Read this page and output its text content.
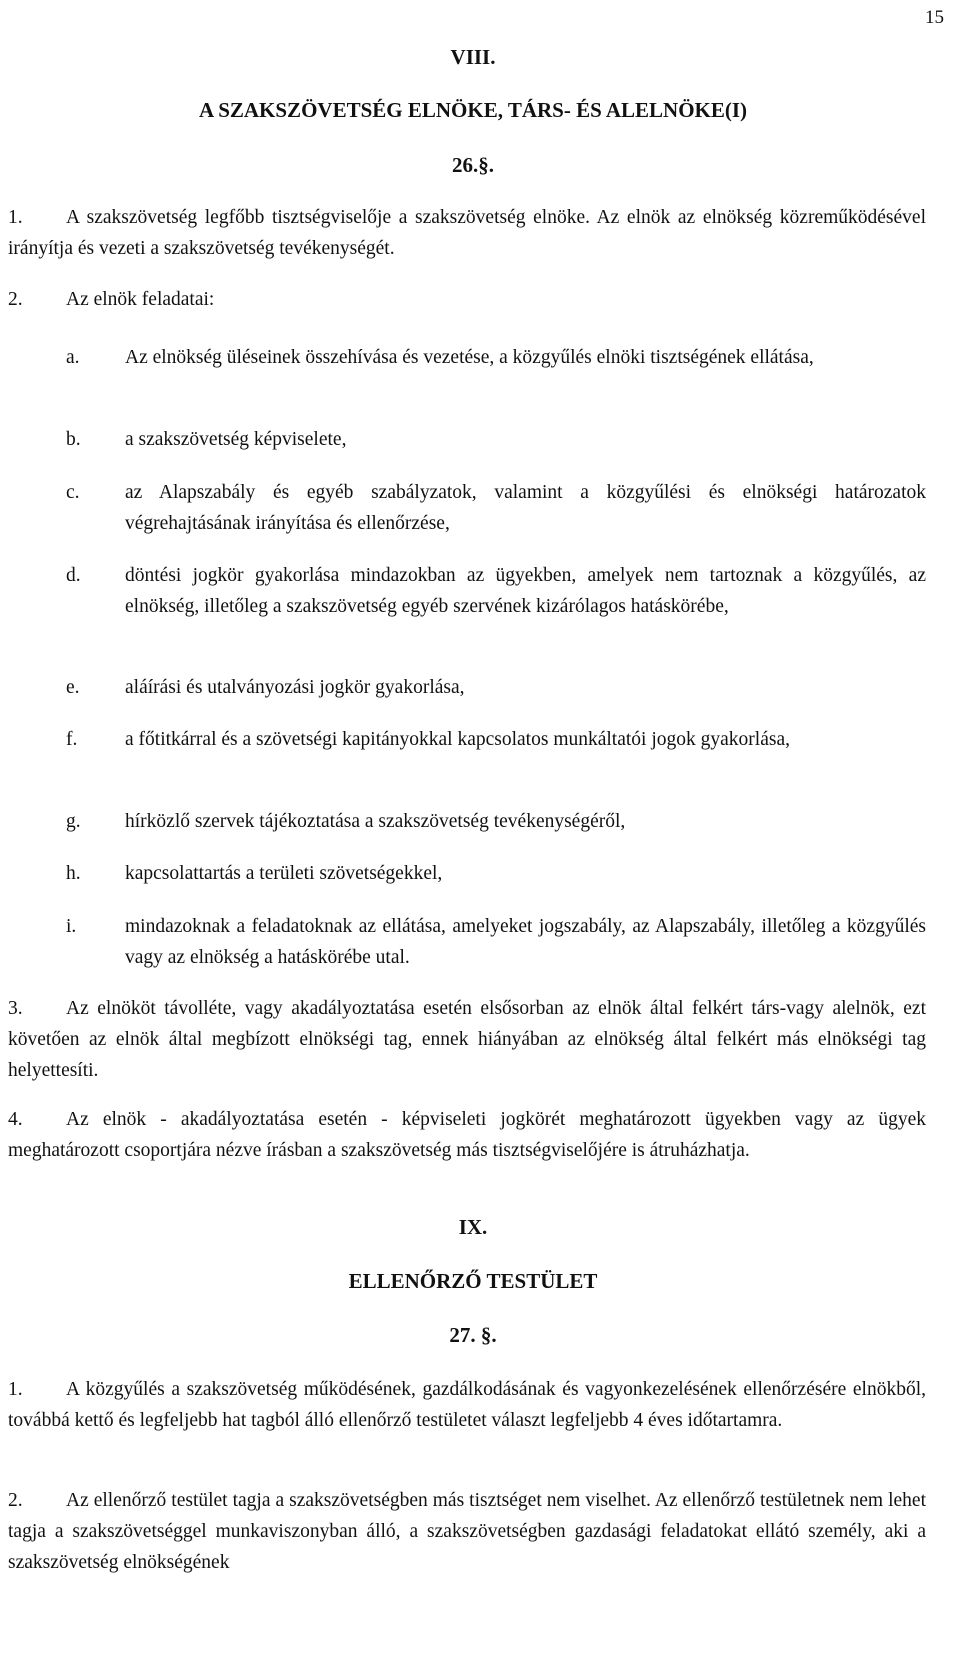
15
VIII.
A SZAKSZÖVETSÉG ELNÖKE, TÁRS- ÉS ALELNÖKE(I)
26.§.
1.	A szakszövetség legfőbb tisztségviselője a szakszövetség elnöke. Az elnök az elnökség közreműködésével irányítja és vezeti a szakszövetség tevékenységét.
2.	Az elnök feladatai:
a. Az elnökség üléseinek összehívása és vezetése, a közgyűlés elnöki tisztségének ellátása,
b. a szakszövetség képviselete,
c. az Alapszabály és egyéb szabályzatok, valamint a közgyűlési és elnökségi határozatok végrehajtásának irányítása és ellenőrzése,
d. döntési jogkör gyakorlása mindazokban az ügyekben, amelyek nem tartoznak a közgyűlés, az elnökség, illetőleg a szakszövetség egyéb szervének kizárólagos hatáskörébe,
e. aláírási és utalványozási jogkör gyakorlása,
f. a főtitkárral és a szövetségi kapitányokkal kapcsolatos munkáltatói jogok gyakorlása,
g. hírközlő szervek tájékoztatása a szakszövetség tevékenységéről,
h. kapcsolattartás a területi szövetségekkel,
i. mindazoknak a feladatoknak az ellátása, amelyeket jogszabály, az Alapszabály, illetőleg a közgyűlés vagy az elnökség a hatáskörébe utal.
3.	Az elnököt távolléte, vagy akadályoztatása esetén elsősorban az elnök által felkért társ-vagy alelnök, ezt követően az elnök által megbízott elnökségi tag, ennek hiányában az elnökség által felkért más elnökségi tag helyettesíti.
4.	Az elnök - akadályoztatása esetén - képviseleti jogkörét meghatározott ügyekben vagy az ügyek meghatározott csoportjára nézve írásban a szakszövetség más tisztségviselőjére is átruházhatja.
IX.
ELLENŐRZŐ TESTÜLET
27. §.
1.	A közgyűlés a szakszövetség működésének, gazdálkodásának és vagyonkezelésének ellenőrzésére elnökből, továbbá kettő és legfeljebb hat tagból álló ellenőrző testületet választ legfeljebb 4 éves időtartamra.
2.	Az ellenőrző testület tagja a szakszövetségben más tisztséget nem viselhet. Az ellenőrző testületnek nem lehet tagja a szakszövetséggel munkaviszonyban álló, a szakszövetségben gazdasági feladatokat ellátó személy, aki a szakszövetség elnökségének
